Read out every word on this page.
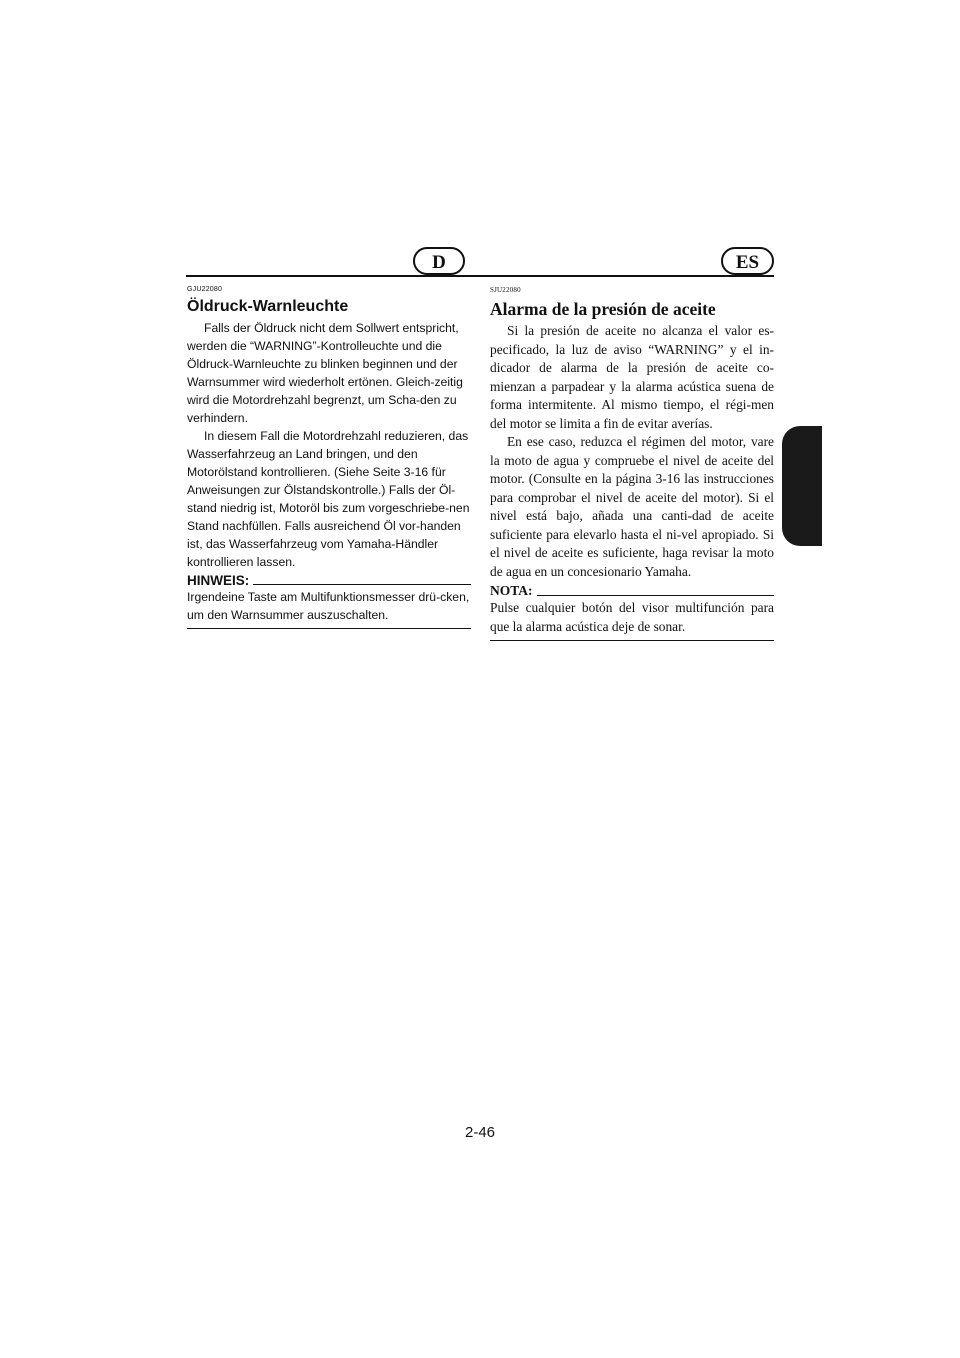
D	ES
GJU22080
Öldruck-Warnleuchte

Falls der Öldruck nicht dem Sollwert entspricht, werden die “WARNING”-Kontrolleuchte und die Öldruck-Warnleuchte zu blinken beginnen und der Warnsummer wird wiederholt ertönen. Gleich-zeitig wird die Motordrehzahl begrenzt, um Scha-den zu verhindern.

In diesem Fall die Motordrehzahl reduzieren, das Wasserfahrzeug an Land bringen, und den Motorölstand kontrollieren. (Siehe Seite 3-16 für Anweisungen zur Ölstandskontrolle.) Falls der Öl-stand niedrig ist, Motoröl bis zum vorgeschriebe-nen Stand nachfüllen. Falls ausreichend Öl vor-handen ist, das Wasserfahrzeug vom Yamaha-Händler kontrollieren lassen.

HINWEIS:

Irgendeine Taste am Multifunktionsmesser drü-cken, um den Warnsummer auszuschalten.

SJU22080
Alarma de la presión de aceite

Si la presión de aceite no alcanza el valor es-pecificado, la luz de aviso “WARNING” y el in-dicador de alarma de la presión de aceite co-mienzan a parpadear y la alarma acústica suena de forma intermitente. Al mismo tiempo, el régi-men del motor se limita a fin de evitar averías.

En ese caso, reduzca el régimen del motor, vare la moto de agua y compruebe el nivel de aceite del motor. (Consulte en la página 3-16 las instrucciones para comprobar el nivel de aceite del motor). Si el nivel está bajo, añada una canti-dad de aceite suficiente para elevarlo hasta el ni-vel apropiado. Si el nivel de aceite es suficiente, haga revisar la moto de agua en un concesionario Yamaha.

NOTA:

Pulse cualquier botón del visor multifunción para que la alarma acústica deje de sonar.

2-46
